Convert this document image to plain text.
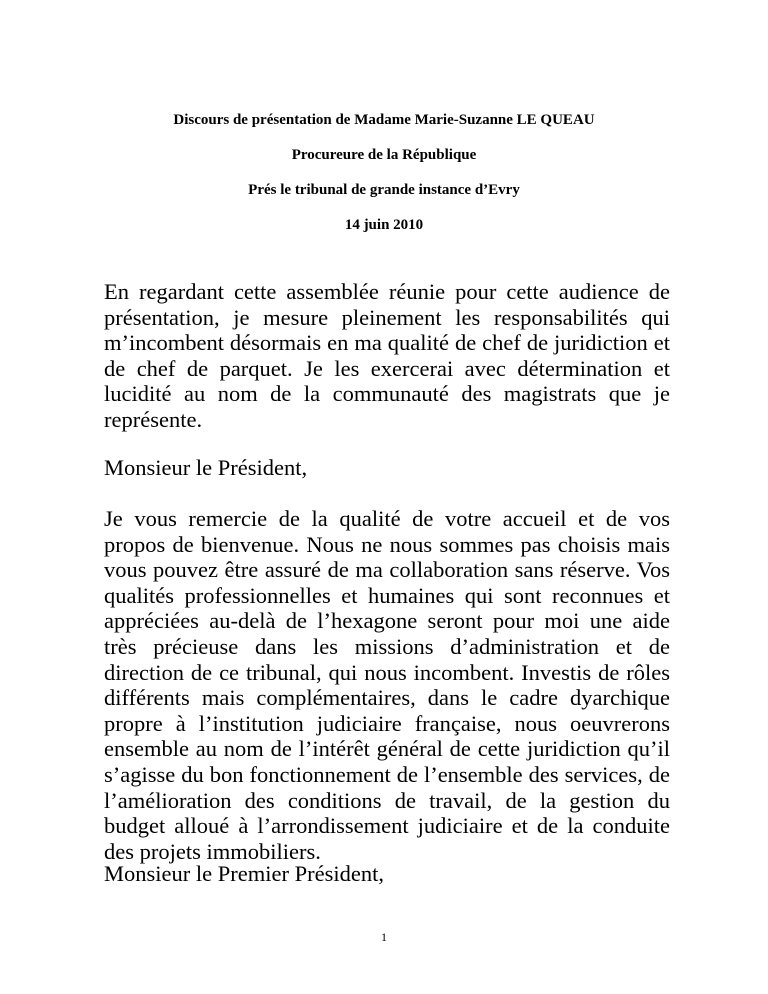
Discours de présentation de Madame Marie-Suzanne LE QUEAU
Procureure de la République
Prés le tribunal de grande instance d’Evry
14 juin 2010

En regardant cette assemblée réunie pour cette audience de présentation, je mesure pleinement les responsabilités qui m’incombent désormais en ma qualité de chef de juridiction et de chef de parquet. Je les exercerai avec détermination et lucidité au nom de la communauté des magistrats que je représente.

Monsieur le Président,

Je vous remercie de la qualité de votre accueil et de vos propos de bienvenue. Nous ne nous sommes pas choisis mais vous pouvez être assuré de ma collaboration sans réserve. Vos qualités professionnelles et humaines qui sont reconnues et appréciées au-delà de l’hexagone seront pour moi une aide très précieuse dans les missions d’administration et de direction de ce tribunal, qui nous incombent. Investis de rôles différents mais complémentaires, dans le cadre dyarchique propre à l’institution judiciaire française, nous oeuvrerons ensemble au nom de l’intérêt général de cette juridiction qu’il s’agisse du bon fonctionnement de l’ensemble des services, de l’amélioration des conditions de travail, de la gestion du budget alloué à l’arrondissement judiciaire et de la conduite des projets immobiliers.

Monsieur le Premier Président,

1
